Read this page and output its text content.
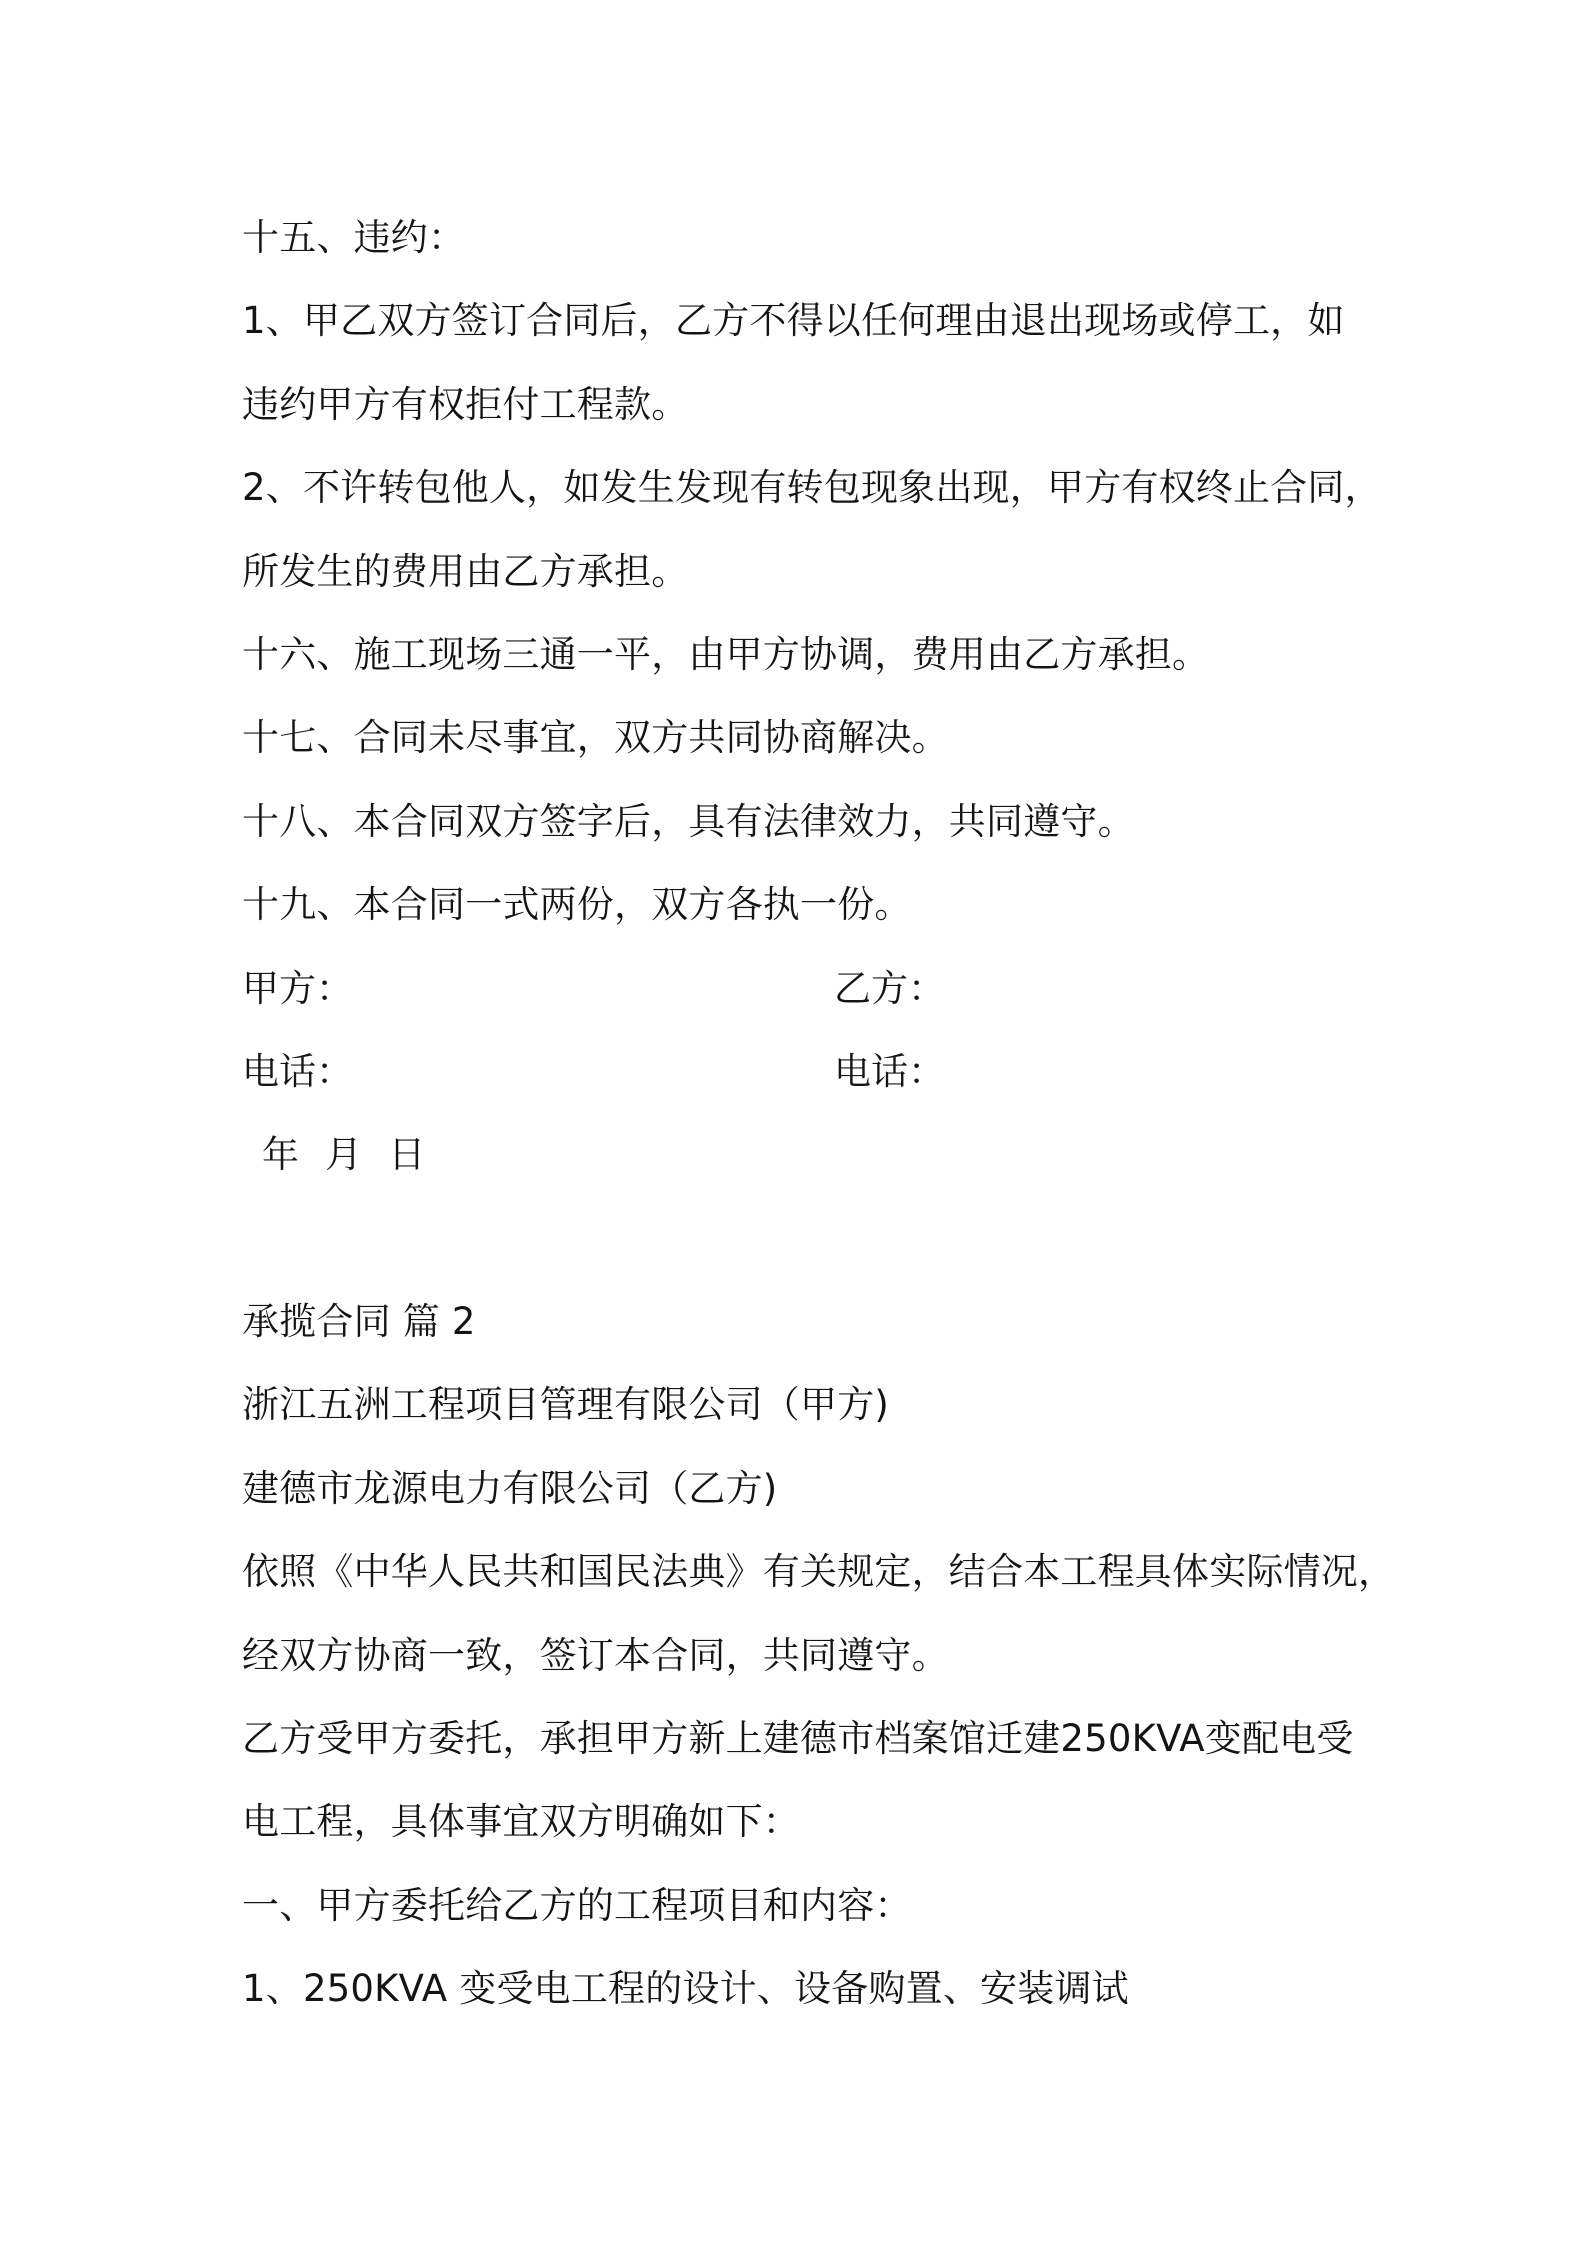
十五、违约：
1、甲乙双方签订合同后，乙方不得以任何理由退出现场或停工，如
违约甲方有权拒付工程款。
2、不许转包他人，如发生发现有转包现象出现，甲方有权终止合同，
所发生的费用由乙方承担。
十六、施工现场三通一平，由甲方协调，费用由乙方承担。
十七、合同未尽事宜，双方共同协商解决。
十八、本合同双方签字后，具有法律效力，共同遵守。
十九、本合同一式两份，双方各执一份。
甲方：	乙方：
电话：	电话：
年 月 日
承揽合同 篇 2
浙江五洲工程项目管理有限公司（甲方)
建德市龙源电力有限公司（乙方)
依照《中华人民共和国民法典》有关规定，结合本工程具体实际情况，
经双方协商一致，签订本合同，共同遵守。
乙方受甲方委托，承担甲方新上建德市档案馆迁建250KVA变配电受
电工程，具体事宜双方明确如下：
一、甲方委托给乙方的工程项目和内容：
1、250KVA 变受电工程的设计、设备购置、安装调试
